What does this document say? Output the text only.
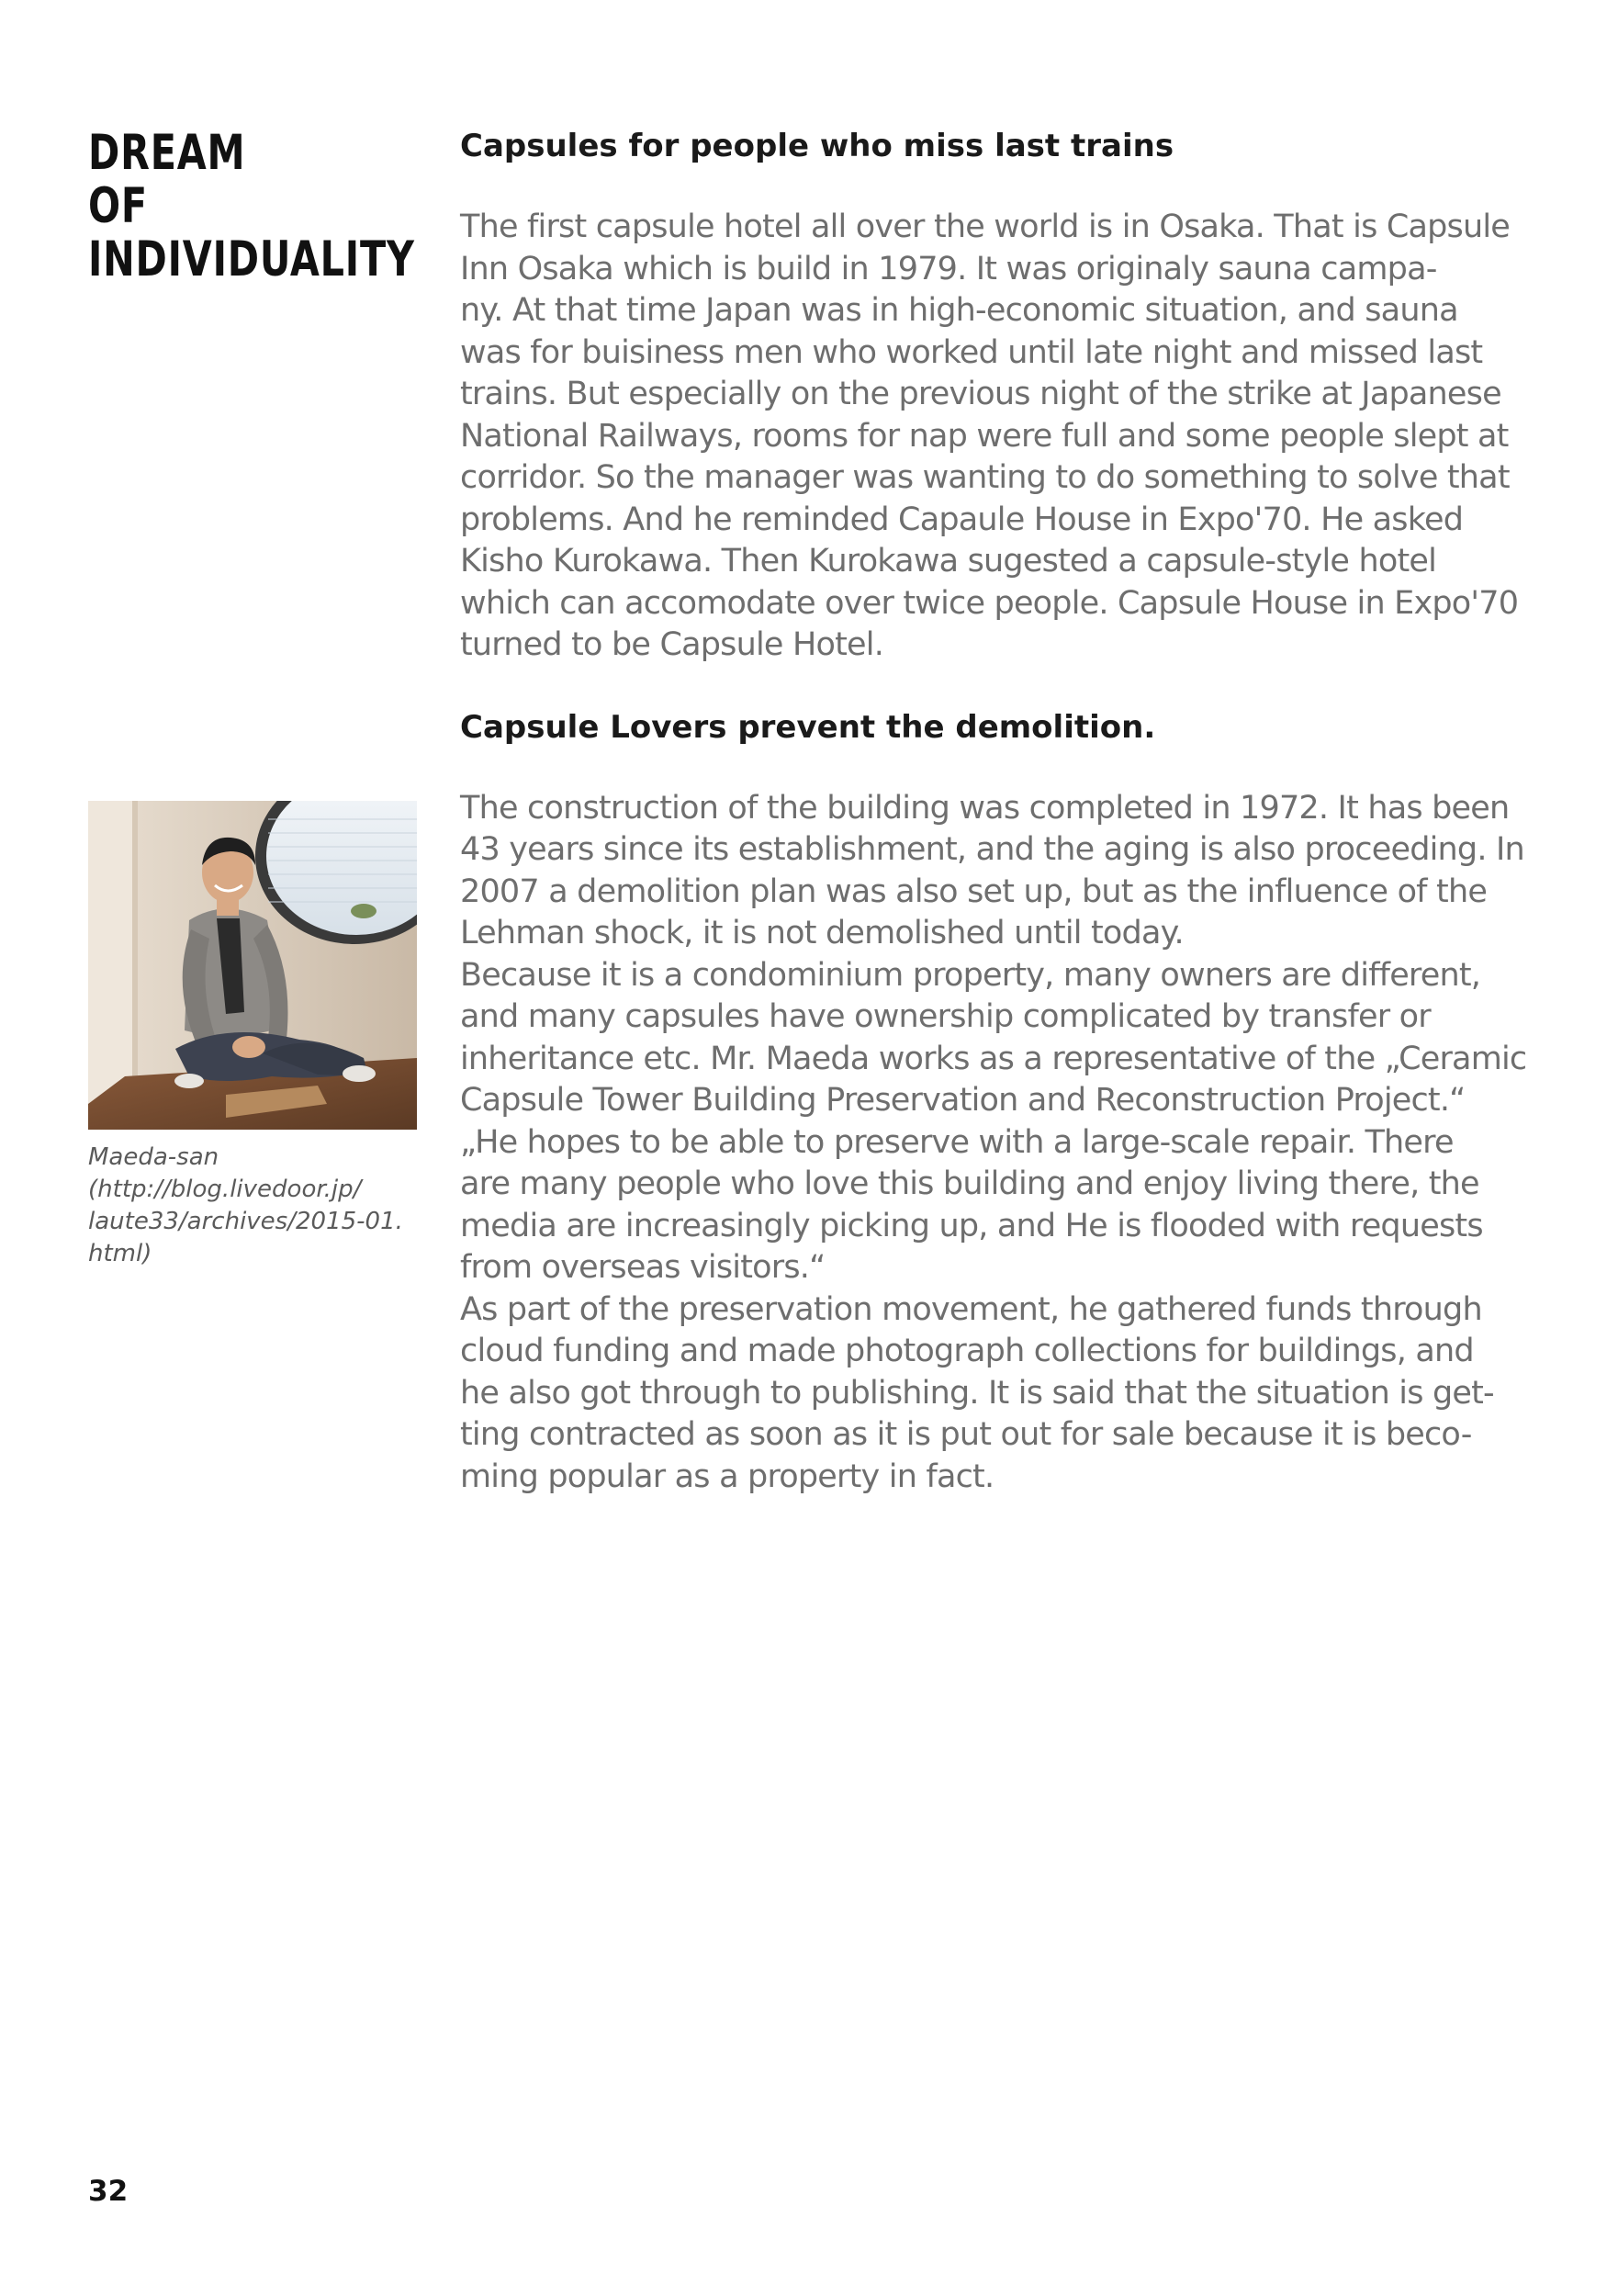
DREAM
OF
INDIVIDUALITY
Maeda-san
(http://blog.livedoor.jp/
laute33/archives/2015-01.
html)
Capsules for people who miss last trains

The first capsule hotel all over the world is in Osaka. That is Capsule
Inn Osaka which is build in 1979. It was originaly sauna campa-
ny. At that time Japan was in high-economic situation, and sauna
was for buisiness men who worked until late night and missed last
trains. But especially on the previous night of the strike at Japanese
National Railways, rooms for nap were full and some people slept at
corridor. So the manager was wanting to do something to solve that
problems. And he reminded Capaule House in Expo'70. He asked
Kisho Kurokawa. Then Kurokawa sugested a capsule-style hotel
which can accomodate over twice people. Capsule House in Expo'70
turned to be Capsule Hotel.

Capsule Lovers prevent the demolition.

The construction of the building was completed in 1972. It has been
43 years since its establishment, and the aging is also proceeding. In
2007 a demolition plan was also set up, but as the influence of the
Lehman shock, it is not demolished until today.
Because it is a condominium property, many owners are different,
and many capsules have ownership complicated by transfer or
inheritance etc. Mr. Maeda works as a representative of the „Ceramic
Capsule Tower Building Preservation and Reconstruction Project.“
„He hopes to be able to preserve with a large-scale repair. There
are many people who love this building and enjoy living there, the
media are increasingly picking up, and He is flooded with requests
from overseas visitors.“
As part of the preservation movement, he gathered funds through
cloud funding and made photograph collections for buildings, and
he also got through to publishing. It is said that the situation is get-
ting contracted as soon as it is put out for sale because it is beco-
ming popular as a property in fact.

32
